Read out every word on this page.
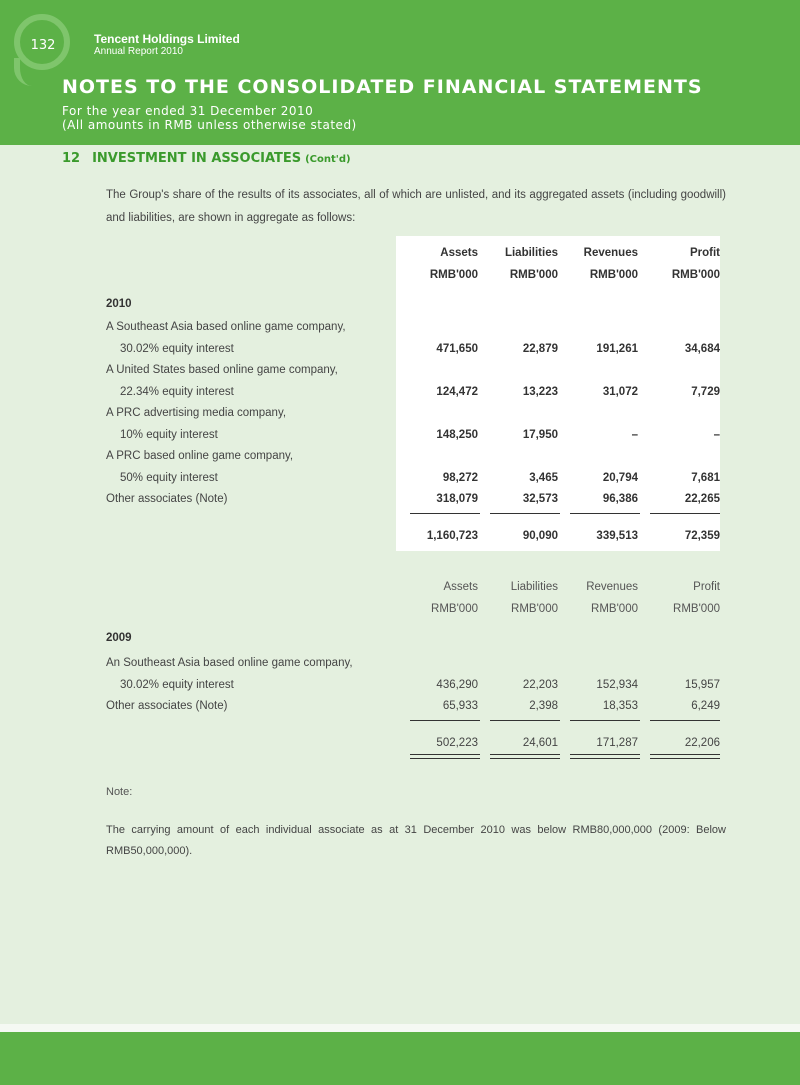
132	Tencent Holdings Limited
Annual Report 2010
NOTES TO THE CONSOLIDATED FINANCIAL STATEMENTS
For the year ended 31 December 2010
(All amounts in RMB unless otherwise stated)
12 INVESTMENT IN ASSOCIATES (Cont'd)
The Group's share of the results of its associates, all of which are unlisted, and its aggregated assets (including goodwill) and liabilities, are shown in aggregate as follows:
Assets	Liabilities	Revenues	Profit
RMB'000	RMB'000	RMB'000	RMB'000
2010
A Southeast Asia based online game company,
30.02% equity interest	471,650	22,879	191,261	34,684
A United States based online game company,
22.34% equity interest	124,472	13,223	31,072	7,729
A PRC advertising media company,
10% equity interest	148,250	17,950	–	–
A PRC based online game company,
50% equity interest	98,272	3,465	20,794	7,681
Other associates (Note)	318,079	32,573	96,386	22,265
1,160,723	90,090	339,513	72,359
Assets	Liabilities	Revenues	Profit
RMB'000	RMB'000	RMB'000	RMB'000
2009
An Southeast Asia based online game company,
30.02% equity interest	436,290	22,203	152,934	15,957
Other associates (Note)	65,933	2,398	18,353	6,249
502,223	24,601	171,287	22,206
Note:
The carrying amount of each individual associate as at 31 December 2010 was below RMB80,000,000 (2009: Below RMB50,000,000).
